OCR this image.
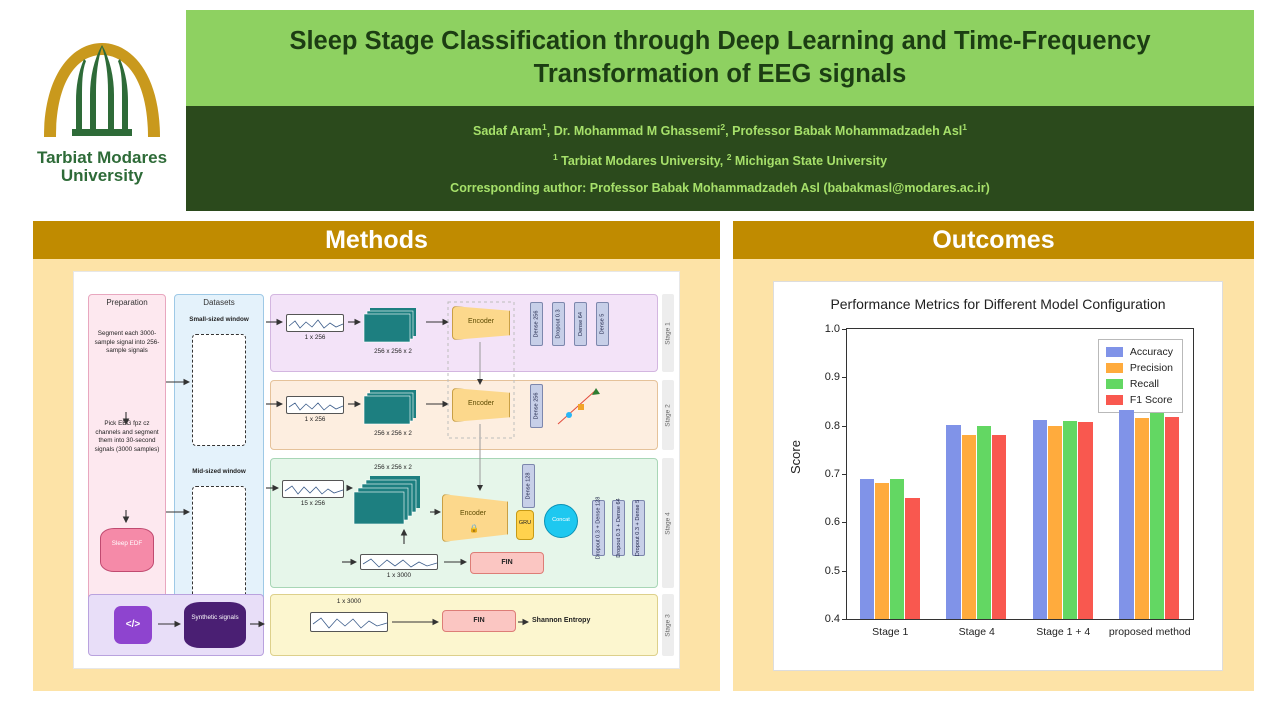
Tarbiat Modares
University
Sleep Stage Classification through Deep Learning and Time-Frequency Transformation of EEG signals
Sadaf Aram$^1$, Dr. Mohammad M Ghassemi$^2$, Professor Babak Mohammadzadeh Asl$^1$
$^1$ Tarbiat Modares University, $^2$ Michigan State University
Corresponding author: Professor Babak Mohammadzadeh Asl (babakmasl@modares.ac.ir)
Methods
Preparation	Datasets
Segment each 3000-sample signal into 256-sample signals
Pick EEG fpz cz channels and segment them into 30-second signals (3000 samples)
Sleep EDF
Small-sized window
Mid-sized window
Stage 1
1 x 256
256 x 256 x 2
Encoder	Dense 256	Dropout 0.3	Dense 64	Dense 5
Stage 2
1 x 256
256 x 256 x 2
Encoder	Dense 256
Stage 4
256 x 256 x 2
15 x 256
Encoder
🔒
Dense 128
GRU	Concat	Dropout 0.3 + Dense 128 Dropout 0.3 + Dense 64	Dropout 0.3 + Dense 5
1 x 3000
FIN
</>
Synthetic signals	Stage 3
1 x 3000
FIN	Shannon Entropy
Outcomes
Performance Metrics for Different Model Configuration
Score
Accuracy
Precision
Recall
F1 Score
0.4
0.5
0.6
0.7
0.8
0.9
1.0
Stage 1	Stage 4	Stage 1 + 4 proposed method
